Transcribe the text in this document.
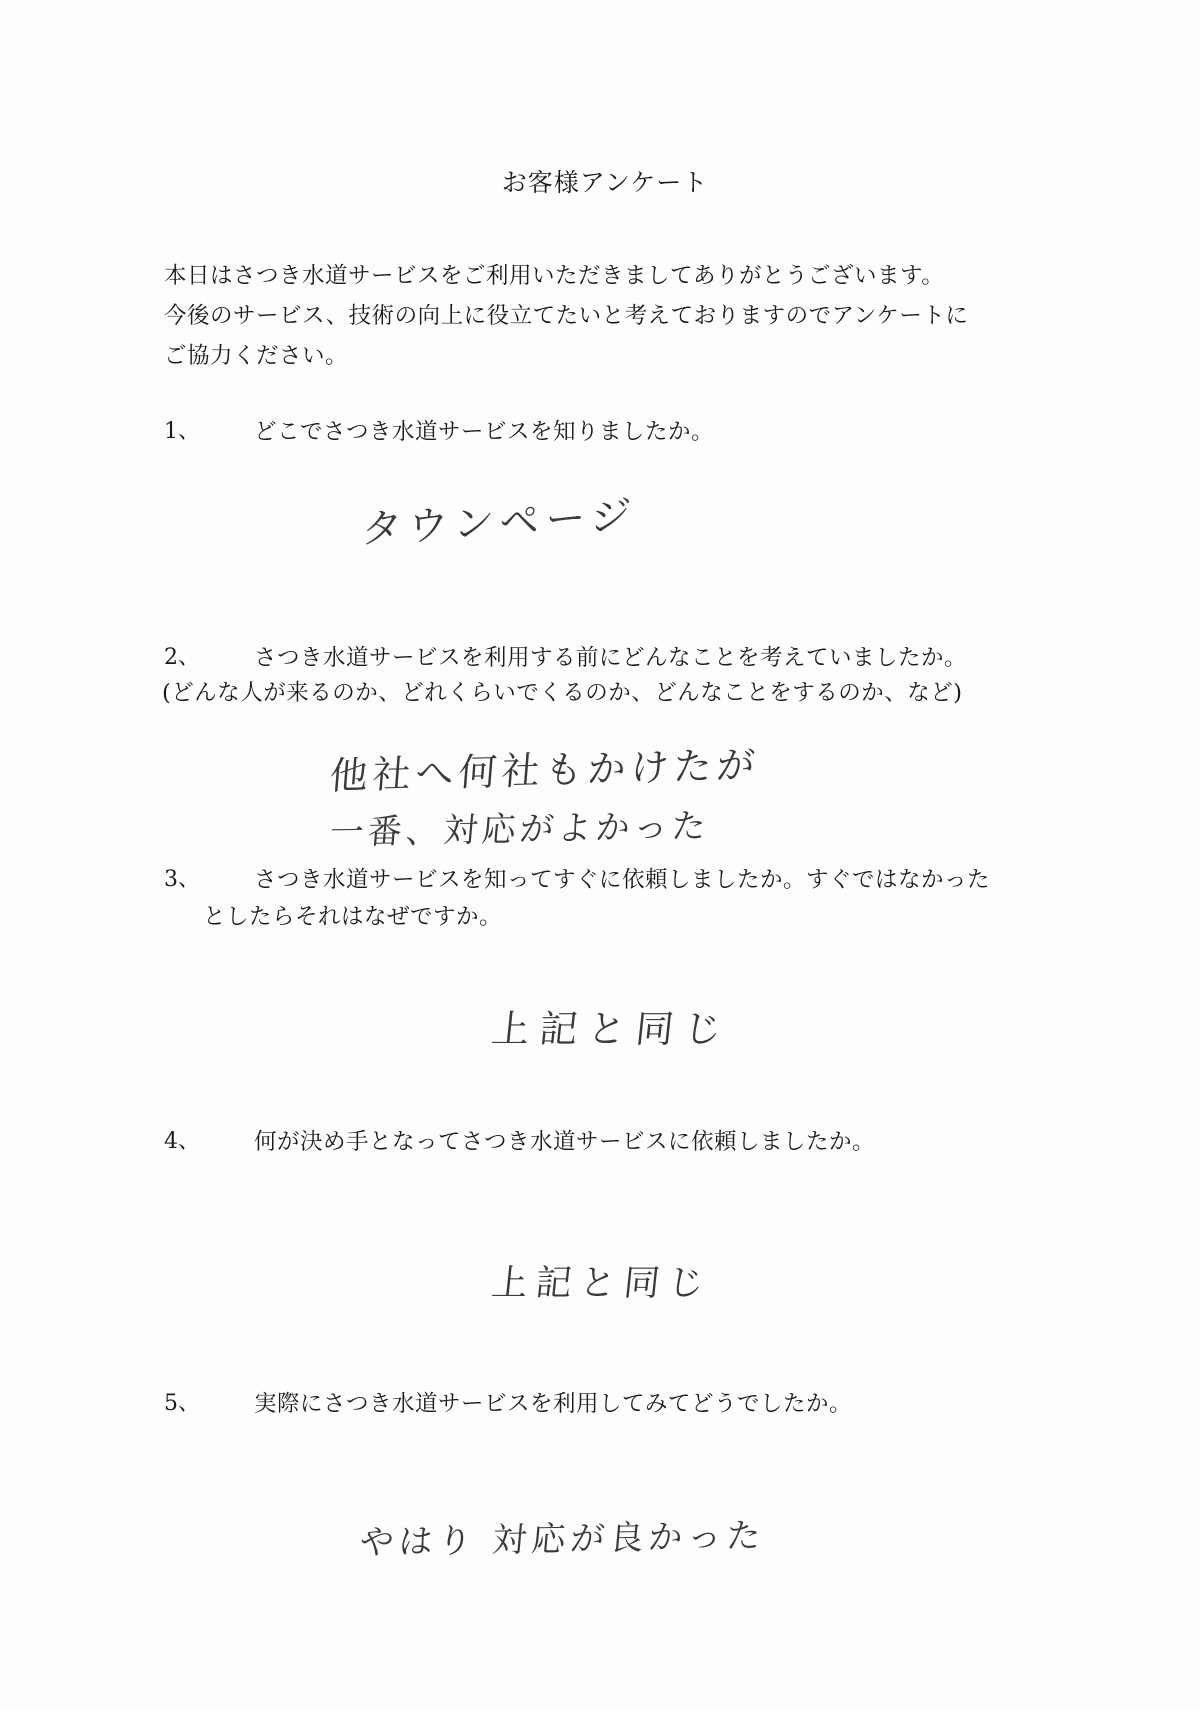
お客様アンケート
本日はさつき水道サービスをご利用いただきましてありがとうございます。
今後のサービス、技術の向上に役立てたいと考えておりますのでアンケートに
ご協力ください。
1、 どこでさつき水道サービスを知りましたか。
タウンページ
2、 さつき水道サービスを利用する前にどんなことを考えていましたか。
(どんな人が来るのか、どれくらいでくるのか、どんなことをするのか、など)
他社へ何社もかけたが
一番、対応がよかった
3、 さつき水道サービスを知ってすぐに依頼しましたか。すぐではなかった
としたらそれはなぜですか。
上記と同じ
4、 何が決め手となってさつき水道サービスに依頼しましたか。
上記と同じ
5、 実際にさつき水道サービスを利用してみてどうでしたか。
やはり 対応が良かった
